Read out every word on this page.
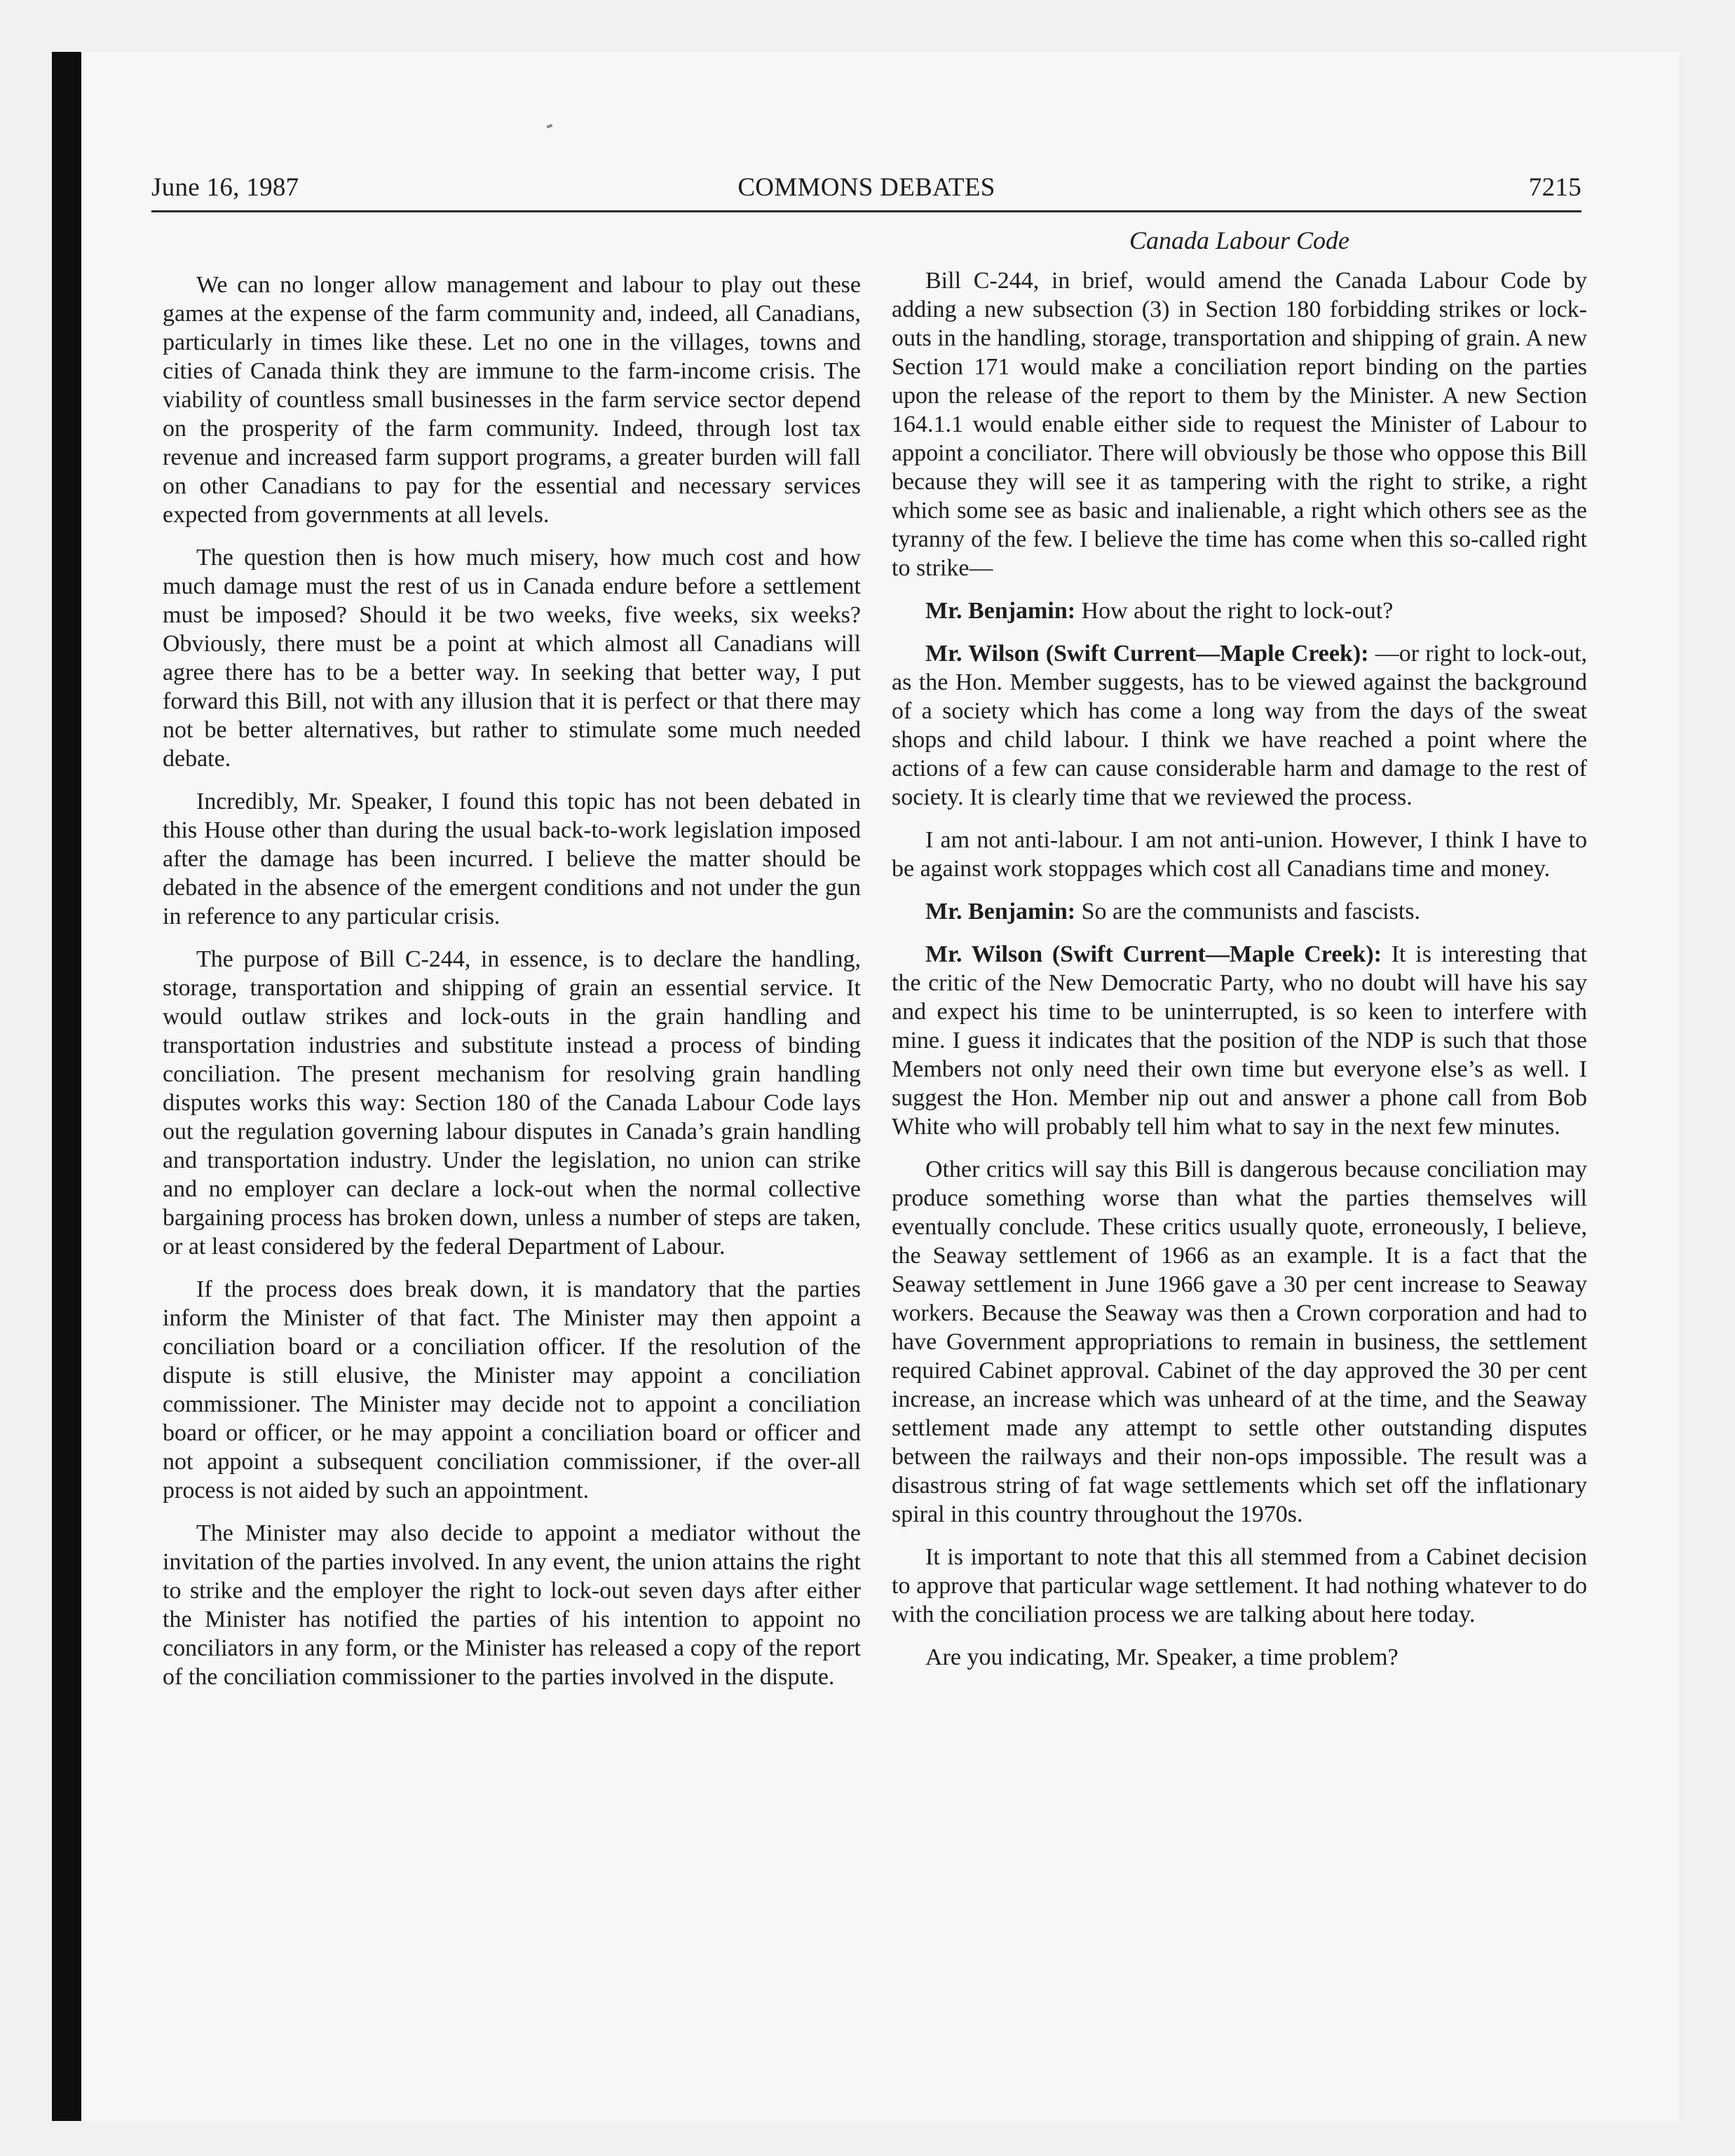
June 16, 1987	COMMONS DEBATES	7215
Canada Labour Code

We can no longer allow management and labour to play out these games at the expense of the farm community and, indeed, all Canadians, particularly in times like these. Let no one in the villages, towns and cities of Canada think they are immune to the farm-income crisis. The viability of countless small businesses in the farm service sector depend on the prosperity of the farm community. Indeed, through lost tax revenue and increased farm support programs, a greater burden will fall on other Canadians to pay for the essential and necessary services expected from governments at all levels.

The question then is how much misery, how much cost and how much damage must the rest of us in Canada endure before a settlement must be imposed? Should it be two weeks, five weeks, six weeks? Obviously, there must be a point at which almost all Canadians will agree there has to be a better way. In seeking that better way, I put forward this Bill, not with any illusion that it is perfect or that there may not be better alternatives, but rather to stimulate some much needed debate.

Incredibly, Mr. Speaker, I found this topic has not been debated in this House other than during the usual back-to-work legislation imposed after the damage has been incurred. I believe the matter should be debated in the absence of the emergent conditions and not under the gun in reference to any particular crisis.

The purpose of Bill C-244, in essence, is to declare the handling, storage, transportation and shipping of grain an essential service. It would outlaw strikes and lock-outs in the grain handling and transportation industries and substitute instead a process of binding conciliation. The present mechanism for resolving grain handling disputes works this way: Section 180 of the Canada Labour Code lays out the regulation governing labour disputes in Canada’s grain handling and transportation industry. Under the legislation, no union can strike and no employer can declare a lock-out when the normal collective bargaining process has broken down, unless a number of steps are taken, or at least considered by the federal Department of Labour.

If the process does break down, it is mandatory that the parties inform the Minister of that fact. The Minister may then appoint a conciliation board or a conciliation officer. If the resolution of the dispute is still elusive, the Minister may appoint a conciliation commissioner. The Minister may decide not to appoint a conciliation board or officer, or he may appoint a conciliation board or officer and not appoint a subsequent conciliation commissioner, if the over-all process is not aided by such an appointment.

The Minister may also decide to appoint a mediator without the invitation of the parties involved. In any event, the union attains the right to strike and the employer the right to lock-out seven days after either the Minister has notified the parties of his intention to appoint no conciliators in any form, or the Minister has released a copy of the report of the conciliation commissioner to the parties involved in the dispute.

Bill C-244, in brief, would amend the Canada Labour Code by adding a new subsection (3) in Section 180 forbidding strikes or lock-outs in the handling, storage, transportation and shipping of grain. A new Section 171 would make a conciliation report binding on the parties upon the release of the report to them by the Minister. A new Section 164.1.1 would enable either side to request the Minister of Labour to appoint a conciliator. There will obviously be those who oppose this Bill because they will see it as tampering with the right to strike, a right which some see as basic and inalienable, a right which others see as the tyranny of the few. I believe the time has come when this so-called right to strike—

Mr. Benjamin: How about the right to lock-out?

Mr. Wilson (Swift Current—Maple Creek): —or right to lock-out, as the Hon. Member suggests, has to be viewed against the background of a society which has come a long way from the days of the sweat shops and child labour. I think we have reached a point where the actions of a few can cause considerable harm and damage to the rest of society. It is clearly time that we reviewed the process.

I am not anti-labour. I am not anti-union. However, I think I have to be against work stoppages which cost all Canadians time and money.

Mr. Benjamin: So are the communists and fascists.

Mr. Wilson (Swift Current—Maple Creek): It is interesting that the critic of the New Democratic Party, who no doubt will have his say and expect his time to be uninterrupted, is so keen to interfere with mine. I guess it indicates that the position of the NDP is such that those Members not only need their own time but everyone else’s as well. I suggest the Hon. Member nip out and answer a phone call from Bob White who will probably tell him what to say in the next few minutes.

Other critics will say this Bill is dangerous because conciliation may produce something worse than what the parties themselves will eventually conclude. These critics usually quote, erroneously, I believe, the Seaway settlement of 1966 as an example. It is a fact that the Seaway settlement in June 1966 gave a 30 per cent increase to Seaway workers. Because the Seaway was then a Crown corporation and had to have Government appropriations to remain in business, the settlement required Cabinet approval. Cabinet of the day approved the 30 per cent increase, an increase which was unheard of at the time, and the Seaway settlement made any attempt to settle other outstanding disputes between the railways and their non-ops impossible. The result was a disastrous string of fat wage settlements which set off the inflationary spiral in this country throughout the 1970s.

It is important to note that this all stemmed from a Cabinet decision to approve that particular wage settlement. It had nothing whatever to do with the conciliation process we are talking about here today.

Are you indicating, Mr. Speaker, a time problem?
